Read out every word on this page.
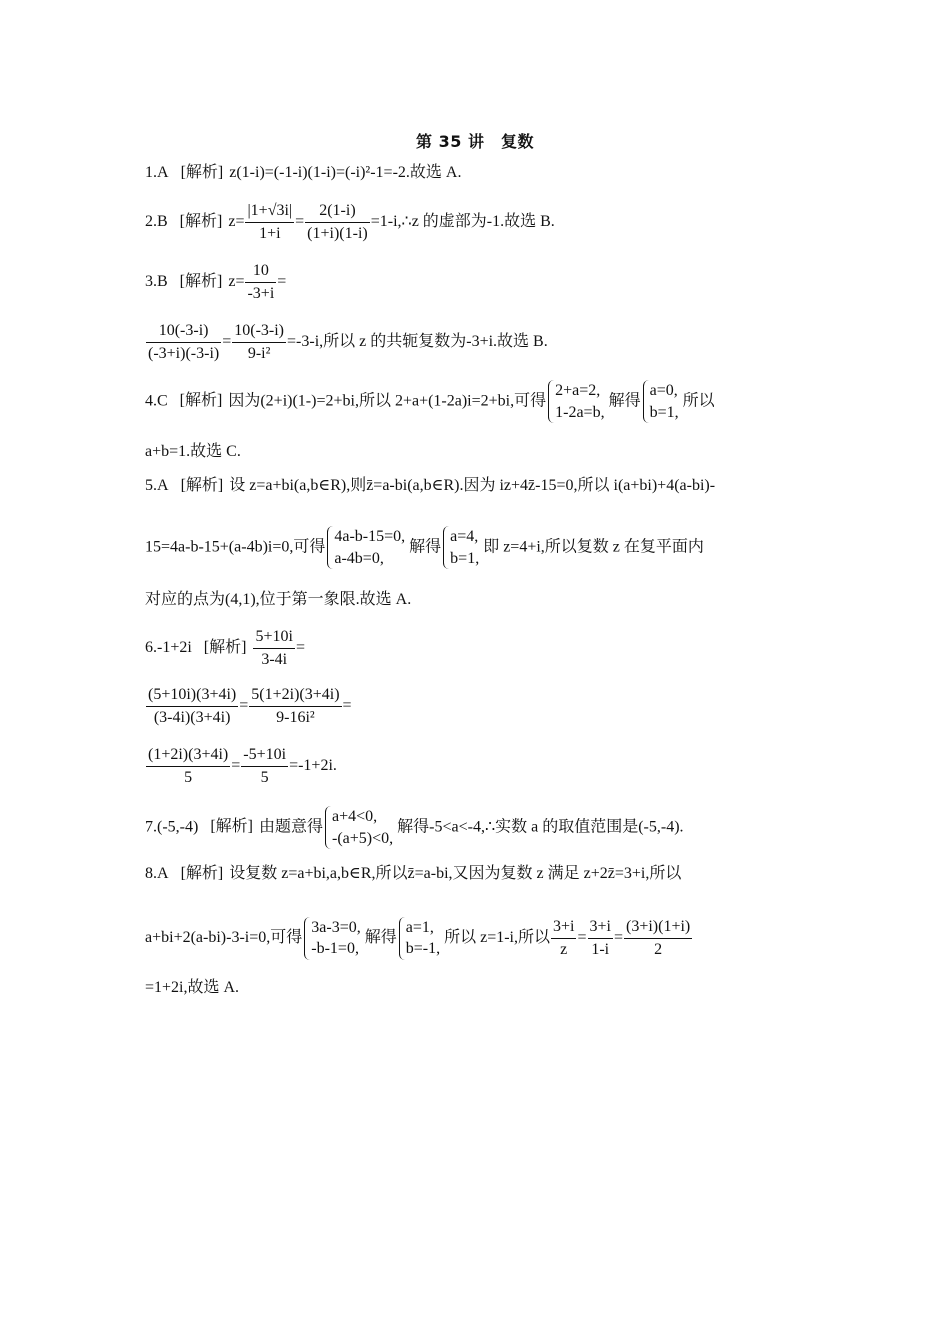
第 35 讲　复数
1.A [解析] z(1-i)=(-1-i)(1-i)=(-i)²-1=-2.故选 A.
2.B [解析] $z= \frac{|1+√3i|}{1+i} = \frac{2(1-i)}{(1+i)(1-i)}$ =1-i,∴z 的虚部为-1.故选 B.
3.B [解析] $z= \frac{10}{-3+i}$ =
$\frac{10(-3-i)}{(-3+i)(-3-i)} = \frac{10(-3-i)}{\text{9-i²}} =-3-i$,所以 z 的共轭复数为-3+i.故选 B.
4.C [解析] 因为(2+i)(1-)=2+bi,所以 2+a+(1-2a)i=2+bi,可得
2+a=2,
1-2a=b,
解得
a=0,
b=1,
所以
a+b=1.故选 C.
5.A [解析] 设 z=a+bi(a,b∈R),则z̄=a-bi(a,b∈R).因为 iz+4z̄-15=0,所以 i(a+bi)+4(a-bi)-
15=4a-b-15+(a-4b)i=0,可得
4a-b-15=0,
a-4b=0,
解得
a=4,
b=1,
即 z=4+i,所以复数 z 在复平面内
对应的点为(4,1),位于第一象限.故选 A.
6.-1+2i [解析] $\frac{5+10i}{3-4i}$ =
$\frac{(5+10i)(3+4i)}{(3-4i)(3+4i)} = \frac{5(1+2i)(3+4i)}{\text{9-16i²}}$ =
$\frac{(1+2i)(3+4i)}{5} = \frac{-5+10i}{5} =-1+2i$.
7.(-5,-4) [解析] 由题意得
a+4<0,
-(a+5)<0,
解得-5<a<-4,∴实数 a 的取值范围是(-5,-4).
8.A [解析] 设复数 z=a+bi,a,b∈R,所以z̄=a-bi,又因为复数 z 满足 z+2z̄=3+i,所以
a+bi+2(a-bi)-3-i=0,可得
3a-3=0,
-b-1=0,
解得
a=1,
b=-1,
所以 z=1-i,所以 $\frac{3+i}{z} = \frac{3+i}{1-i} = \frac{(3+i)(1+i)}{2}$
=1+2i,故选 A.
